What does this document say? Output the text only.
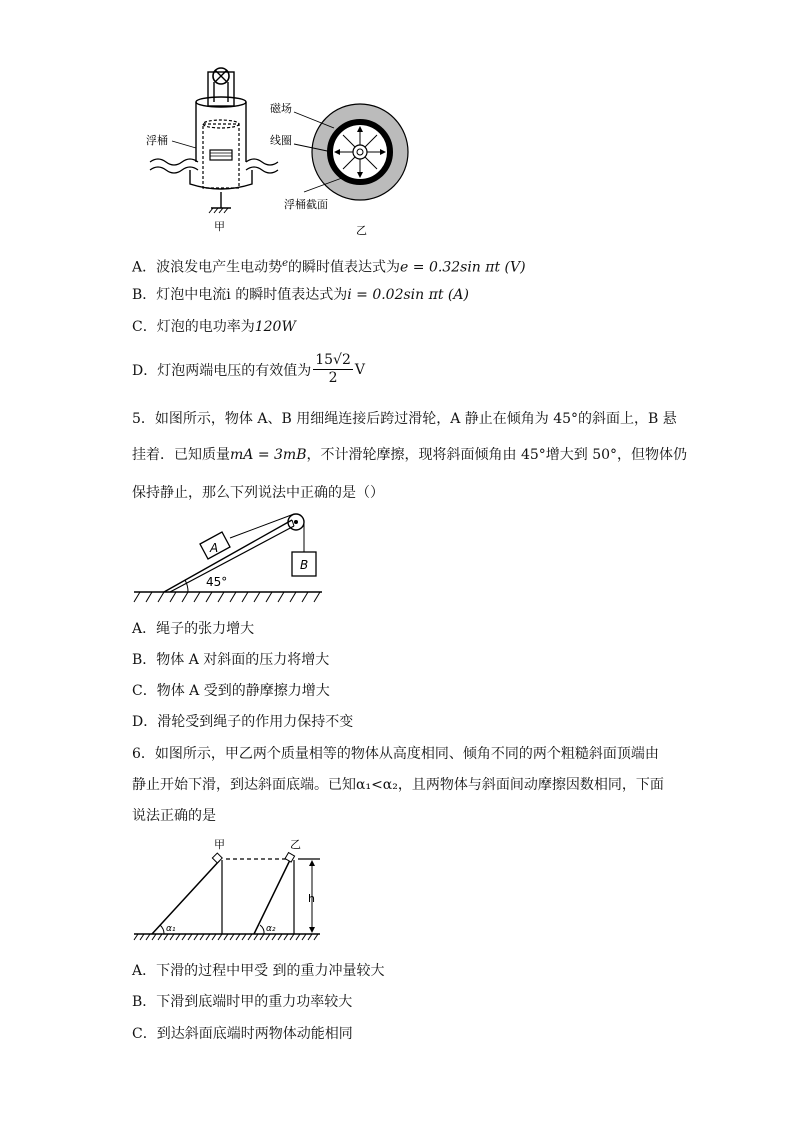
浮桶
甲
磁场
线圈
浮桶截面
乙
A．波浪发电产生电动势$^e$的瞬时值表达式为e = 0.32sin πt (V)
B．灯泡中电流i 的瞬时值表达式为i = 0.02sin πt (A)
C．灯泡的电功率为120W
D．灯泡两端电压的有效值为 $\frac{15√2}{2}$ V
5．如图所示，物体 A、B 用细绳连接后跨过滑轮，A 静止在倾角为 45°的斜面上，B 悬
挂着．已知质量mA = 3mB，不计滑轮摩擦，现将斜面倾角由 45°增大到 50°，但物体仍
保持静止，那么下列说法中正确的是（）
A
B
45°
A．绳子的张力增大
B．物体 A 对斜面的压力将增大
C．物体 A 受到的静摩擦力增大
D．滑轮受到绳子的作用力保持不变
6．如图所示，甲乙两个质量相等的物体从高度相同、倾角不同的两个粗糙斜面顶端由
静止开始下滑，到达斜面底端。已知α₁<α₂，且两物体与斜面间动摩擦因数相同，下面
说法正确的是
甲	乙
h
α₁	α₂
A．下滑的过程中甲受 到的重力冲量较大
B．下滑到底端时甲的重力功率较大
C．到达斜面底端时两物体动能相同
